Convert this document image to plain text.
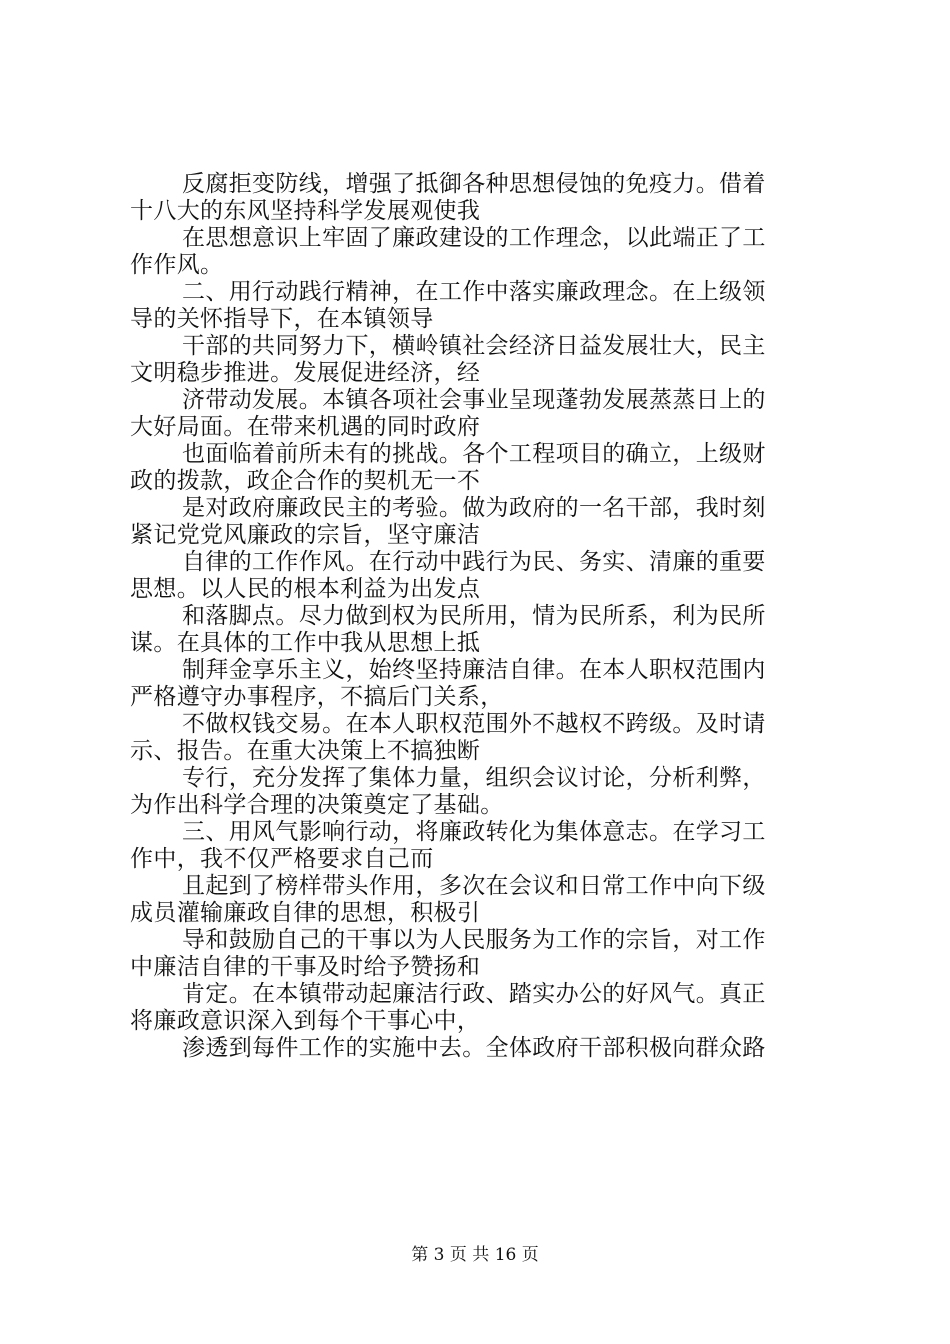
反腐拒变防线，增强了抵御各种思想侵蚀的免疫力。借着
十八大的东风坚持科学发展观使我
在思想意识上牢固了廉政建设的工作理念，以此端正了工
作作风。
二、用行动践行精神，在工作中落实廉政理念。在上级领
导的关怀指导下，在本镇领导
干部的共同努力下，横岭镇社会经济日益发展壮大，民主
文明稳步推进。发展促进经济，经
济带动发展。本镇各项社会事业呈现蓬勃发展蒸蒸日上的
大好局面。在带来机遇的同时政府
也面临着前所未有的挑战。各个工程项目的确立，上级财
政的拨款，政企合作的契机无一不
是对政府廉政民主的考验。做为政府的一名干部，我时刻
紧记党党风廉政的宗旨，坚守廉洁
自律的工作作风。在行动中践行为民、务实、清廉的重要
思想。以人民的根本利益为出发点
和落脚点。尽力做到权为民所用，情为民所系，利为民所
谋。在具体的工作中我从思想上抵
制拜金享乐主义，始终坚持廉洁自律。在本人职权范围内
严格遵守办事程序，不搞后门关系，
不做权钱交易。在本人职权范围外不越权不跨级。及时请
示、报告。在重大决策上不搞独断
专行，充分发挥了集体力量，组织会议讨论，分析利弊，
为作出科学合理的决策奠定了基础。
三、用风气影响行动，将廉政转化为集体意志。在学习工
作中，我不仅严格要求自己而
且起到了榜样带头作用，多次在会议和日常工作中向下级
成员灌输廉政自律的思想，积极引
导和鼓励自己的干事以为人民服务为工作的宗旨，对工作
中廉洁自律的干事及时给予赞扬和
肯定。在本镇带动起廉洁行政、踏实办公的好风气。真正
将廉政意识深入到每个干事心中，
渗透到每件工作的实施中去。全体政府干部积极向群众路
第 3 页 共 16 页
